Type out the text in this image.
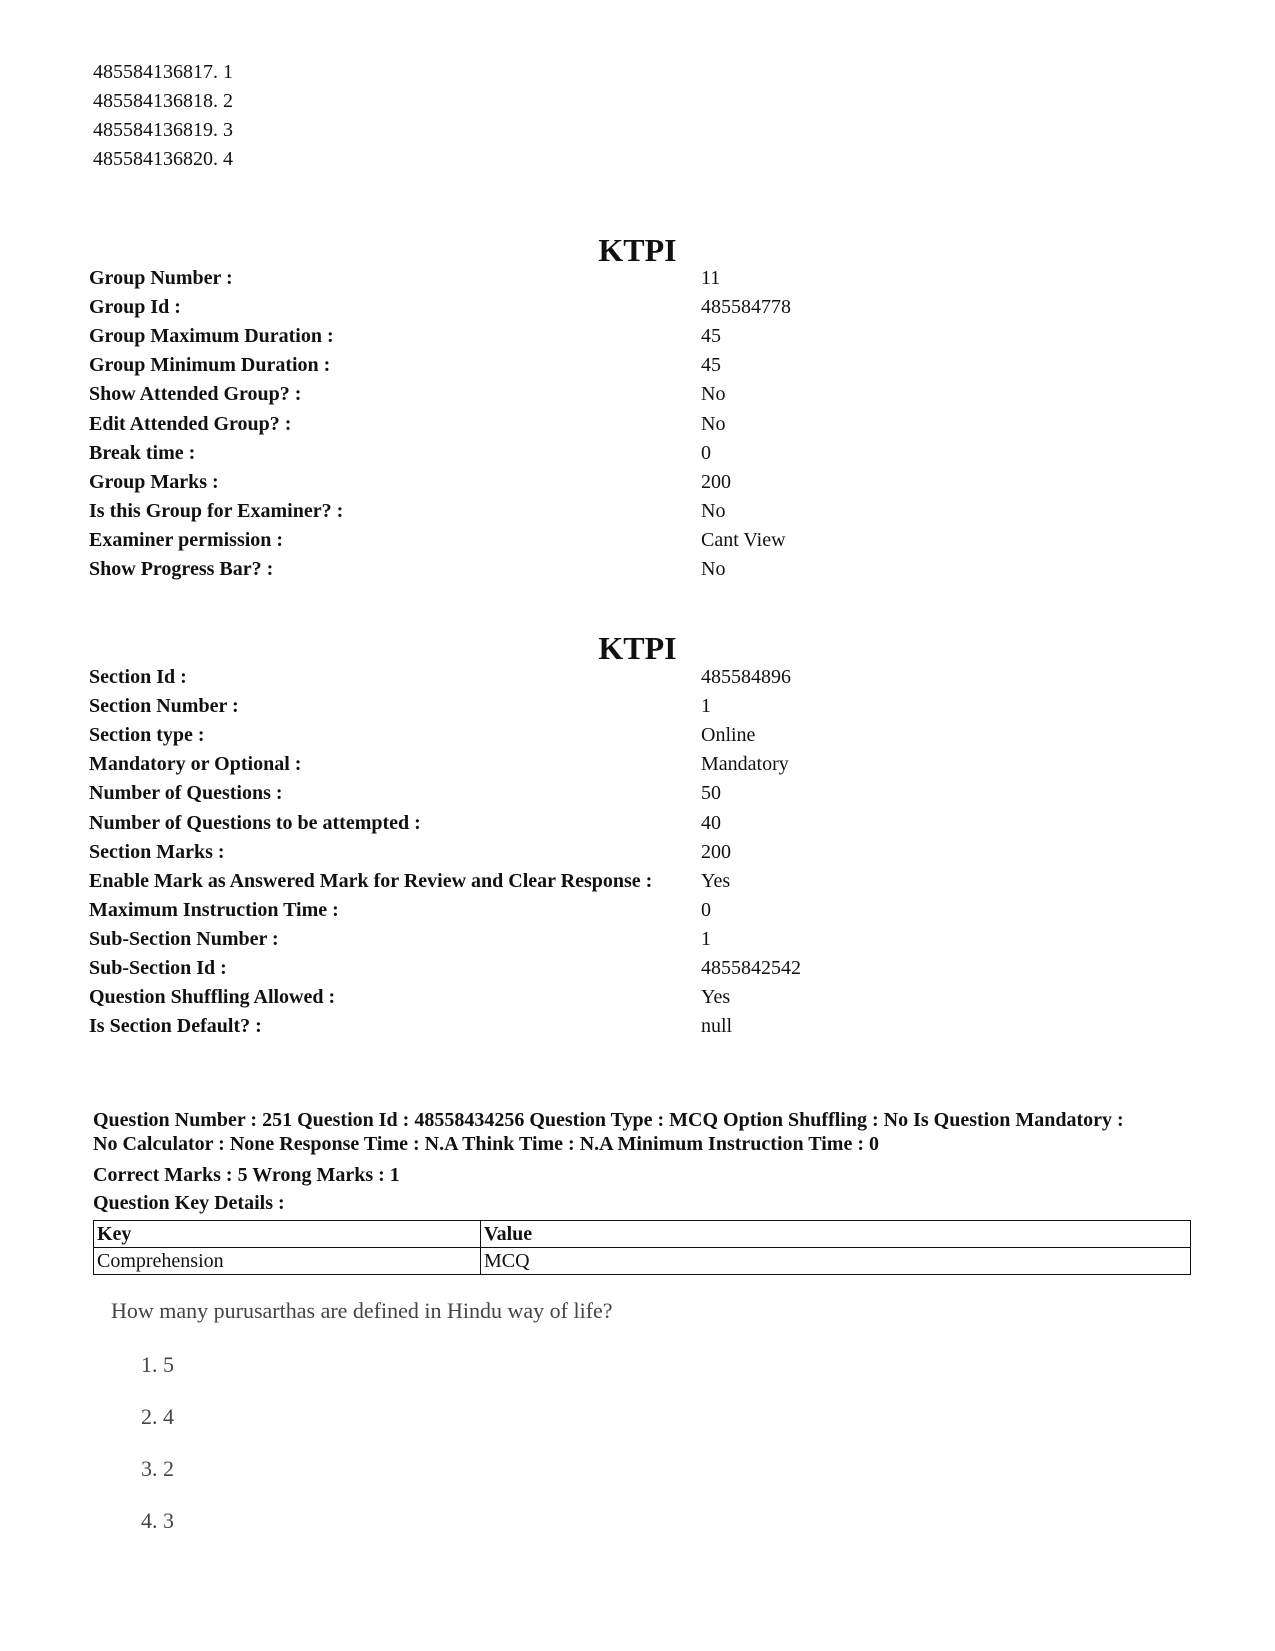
485584136817. 1
485584136818. 2
485584136819. 3
485584136820. 4
KTPI
Group Number :	11
Group Id :	485584778
Group Maximum Duration :	45
Group Minimum Duration :	45
Show Attended Group? :	No
Edit Attended Group? :	No
Break time :	0
Group Marks :	200
Is this Group for Examiner? :	No
Examiner permission :	Cant View
Show Progress Bar? :	No
KTPI
Section Id :	485584896
Section Number :	1
Section type :	Online
Mandatory or Optional :	Mandatory
Number of Questions :	50
Number of Questions to be attempted :	40
Section Marks :	200
Enable Mark as Answered Mark for Review and Clear Response :	Yes
Maximum Instruction Time :	0
Sub-Section Number :	1
Sub-Section Id :	4855842542
Question Shuffling Allowed :	Yes
Is Section Default? :	null
Question Number : 251 Question Id : 48558434256 Question Type : MCQ Option Shuffling : No Is Question Mandatory :
No Calculator : None Response Time : N.A Think Time : N.A Minimum Instruction Time : 0
Correct Marks : 5 Wrong Marks : 1
Question Key Details :
Key	Value
Comprehension	MCQ
How many purusarthas are defined in Hindu way of life?
1. 5
2. 4
3. 2
4. 3
